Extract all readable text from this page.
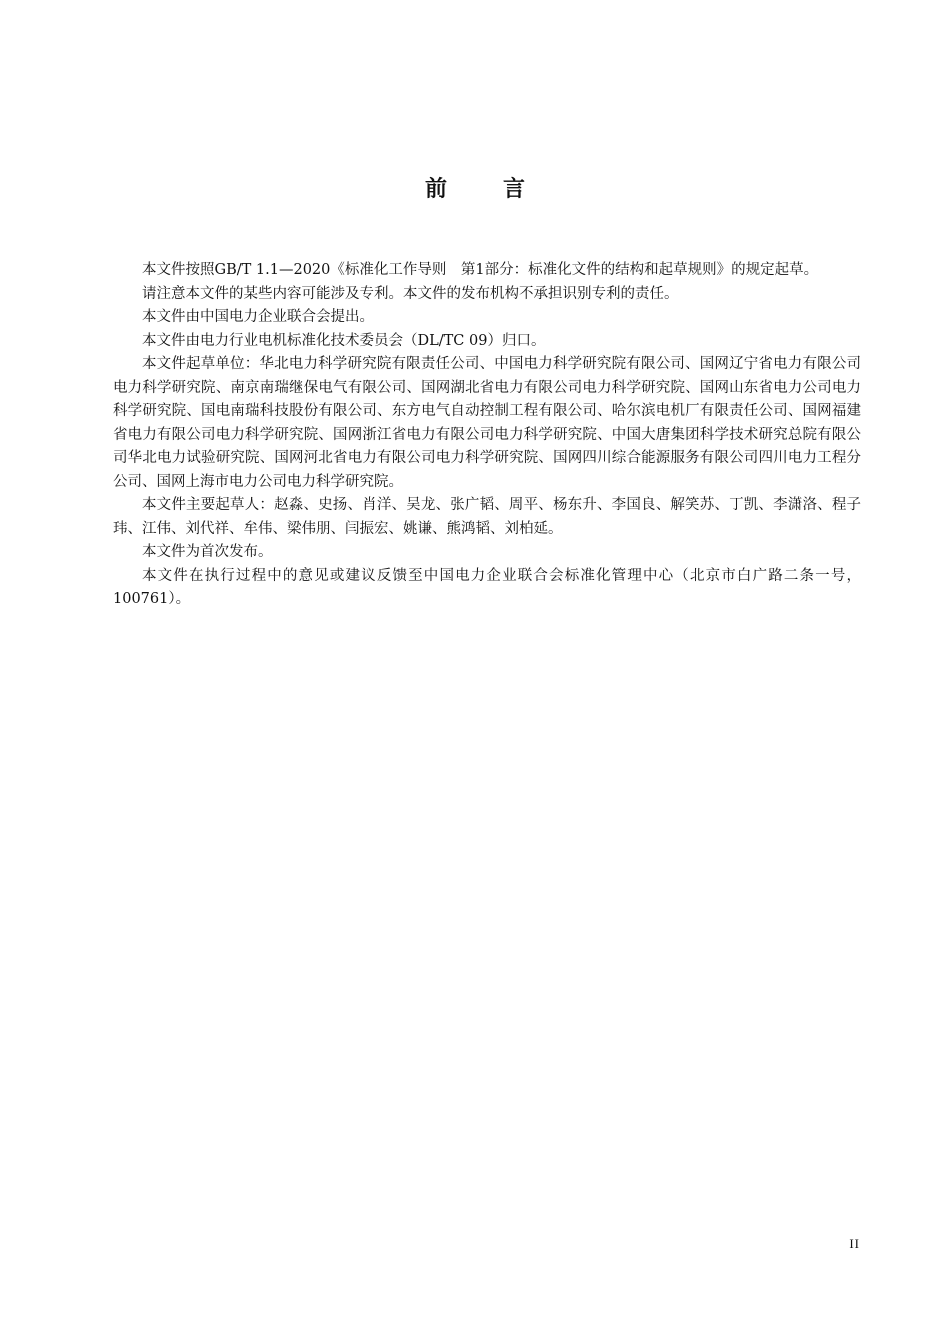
前言

本文件按照GB/T 1.1—2020《标准化工作导则　第1部分：标准化文件的结构和起草规则》的规定起草。

请注意本文件的某些内容可能涉及专利。本文件的发布机构不承担识别专利的责任。

本文件由中国电力企业联合会提出。

本文件由电力行业电机标准化技术委员会（DL/TC 09）归口。

本文件起草单位：华北电力科学研究院有限责任公司、中国电力科学研究院有限公司、国网辽宁省电力有限公司电力科学研究院、南京南瑞继保电气有限公司、国网湖北省电力有限公司电力科学研究院、国网山东省电力公司电力科学研究院、国电南瑞科技股份有限公司、东方电气自动控制工程有限公司、哈尔滨电机厂有限责任公司、国网福建省电力有限公司电力科学研究院、国网浙江省电力有限公司电力科学研究院、中国大唐集团科学技术研究总院有限公司华北电力试验研究院、国网河北省电力有限公司电力科学研究院、国网四川综合能源服务有限公司四川电力工程分公司、国网上海市电力公司电力科学研究院。

本文件主要起草人：赵淼、史扬、肖洋、吴龙、张广韬、周平、杨东升、李国良、解笑苏、丁凯、李潇洛、程子玮、江伟、刘代祥、牟伟、梁伟朋、闫振宏、姚谦、熊鸿韬、刘柏延。

本文件为首次发布。

本文件在执行过程中的意见或建议反馈至中国电力企业联合会标准化管理中心（北京市白广路二条一号，100761）。

II
